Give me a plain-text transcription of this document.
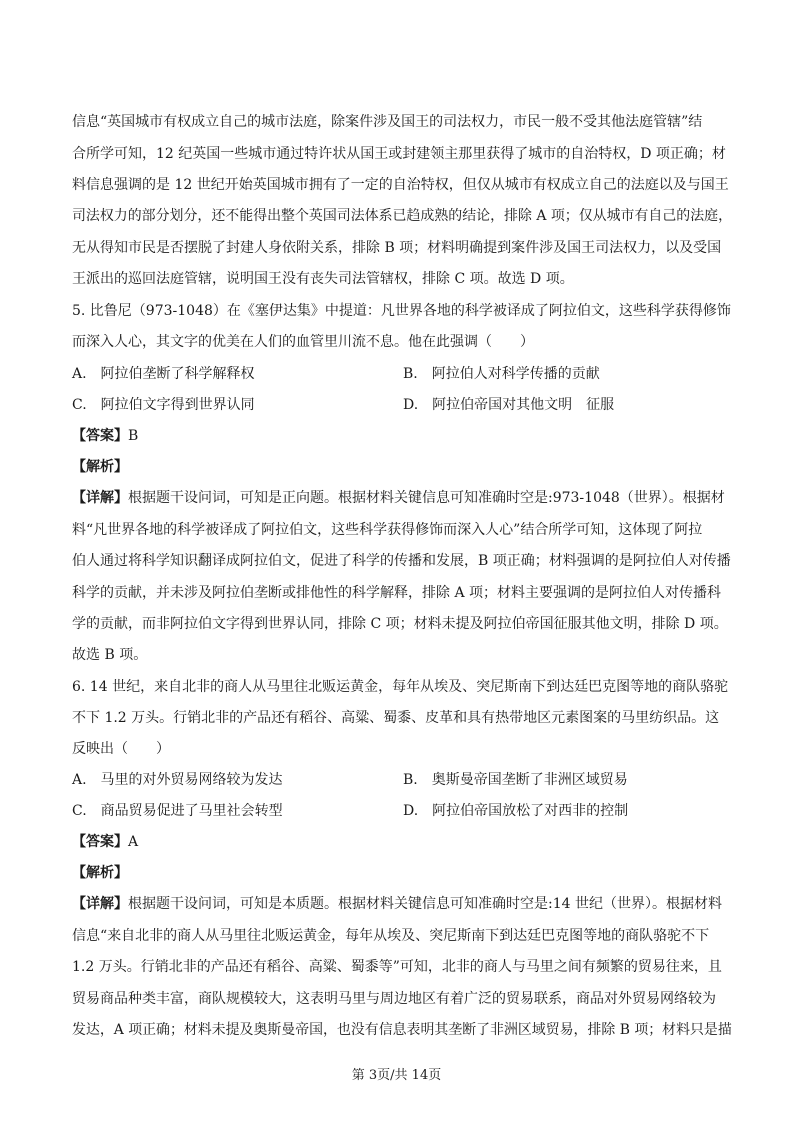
信息“英国城市有权成立自己的城市法庭，除案件涉及国王的司法权力，市民一般不受其他法庭管辖”结
合所学可知，12 纪英国一些城市通过特许状从国王或封建领主那里获得了城市的自治特权，D 项正确；材
料信息强调的是 12 世纪开始英国城市拥有了一定的自治特权，但仅从城市有权成立自己的法庭以及与国王
司法权力的部分划分，还不能得出整个英国司法体系已趋成熟的结论，排除 A 项；仅从城市有自己的法庭，
无从得知市民是否摆脱了封建人身依附关系，排除 B 项；材料明确提到案件涉及国王司法权力，以及受国
王派出的巡回法庭管辖，说明国王没有丧失司法管辖权，排除 C 项。故选 D 项。
5. 比鲁尼（973-1048）在《塞伊达集》中提道：凡世界各地的科学被译成了阿拉伯文，这些科学获得修饰
而深入人心，其文字的优美在人们的血管里川流不息。他在此强调（　　）
A.　阿拉伯垄断了科学解释权	B.　阿拉伯人对科学传播的贡献
C.　阿拉伯文字得到世界认同	D.　阿拉伯帝国对其他文明　征服
【答案】B
【解析】
【详解】根据题干设问词，可知是正向题。根据材料关键信息可知准确时空是:973-1048（世界）。根据材
料“凡世界各地的科学被译成了阿拉伯文，这些科学获得修饰而深入人心”结合所学可知，这体现了阿拉
伯人通过将科学知识翻译成阿拉伯文，促进了科学的传播和发展，B 项正确；材料强调的是阿拉伯人对传播
科学的贡献，并未涉及阿拉伯垄断或排他性的科学解释，排除 A 项；材料主要强调的是阿拉伯人对传播科
学的贡献，而非阿拉伯文字得到世界认同，排除 C 项；材料未提及阿拉伯帝国征服其他文明，排除 D 项。
故选 B 项。
6. 14 世纪，来自北非的商人从马里往北贩运黄金，每年从埃及、突尼斯南下到达廷巴克图等地的商队骆驼
不下 1.2 万头。行销北非的产品还有稻谷、高粱、蜀黍、皮革和具有热带地区元素图案的马里纺织品。这
反映出（　　）
A.　马里的对外贸易网络较为发达	B.　奥斯曼帝国垄断了非洲区域贸易
C.　商品贸易促进了马里社会转型	D.　阿拉伯帝国放松了对西非的控制
【答案】A
【解析】
【详解】根据题干设问词，可知是本质题。根据材料关键信息可知准确时空是:14 世纪（世界）。根据材料
信息“来自北非的商人从马里往北贩运黄金，每年从埃及、突尼斯南下到达廷巴克图等地的商队骆驼不下
1.2 万头。行销北非的产品还有稻谷、高粱、蜀黍等”可知，北非的商人与马里之间有频繁的贸易往来，且
贸易商品种类丰富，商队规模较大，这表明马里与周边地区有着广泛的贸易联系，商品对外贸易网络较为
发达，A 项正确；材料未提及奥斯曼帝国，也没有信息表明其垄断了非洲区域贸易，排除 B 项；材料只是描
第 3页/共 14页
